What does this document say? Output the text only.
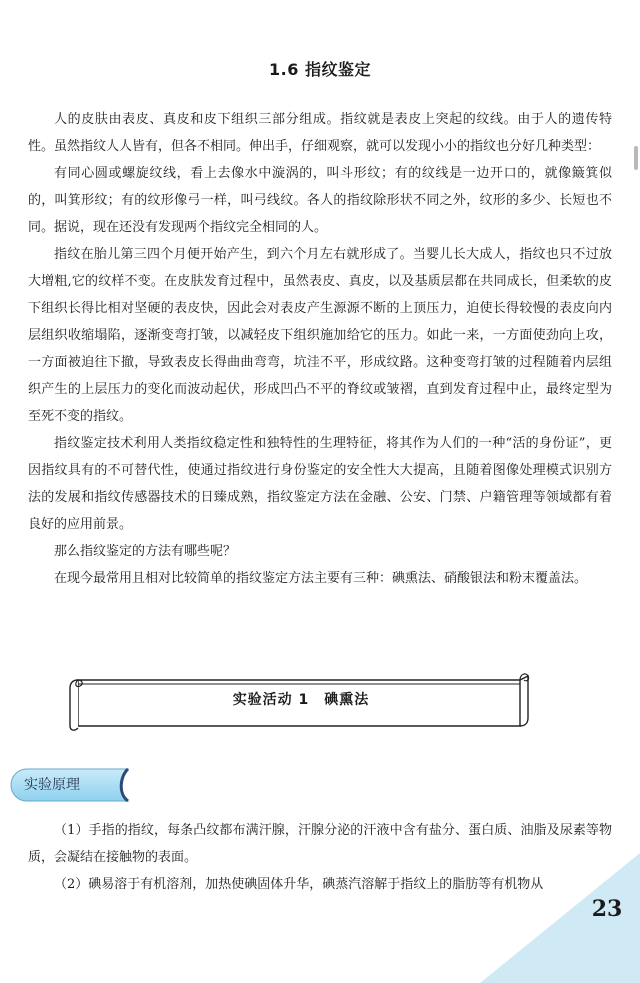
1.6 指纹鉴定

人的皮肤由表皮、真皮和皮下组织三部分组成。指纹就是表皮上突起的纹线。由于人的遗传特性。虽然指纹人人皆有，但各不相同。伸出手，仔细观察，就可以发现小小的指纹也分好几种类型：

有同心圆或螺旋纹线，看上去像水中漩涡的，叫斗形纹；有的纹线是一边开口的，就像簸箕似的，叫箕形纹；有的纹形像弓一样，叫弓线纹。各人的指纹除形状不同之外，纹形的多少、长短也不同。据说，现在还没有发现两个指纹完全相同的人。

指纹在胎儿第三四个月便开始产生，到六个月左右就形成了。当婴儿长大成人，指纹也只不过放大增粗,它的纹样不变。在皮肤发育过程中，虽然表皮、真皮，以及基质层都在共同成长，但柔软的皮下组织长得比相对坚硬的表皮快，因此会对表皮产生源源不断的上顶压力，迫使长得较慢的表皮向内层组织收缩塌陷，逐渐变弯打皱，以减轻皮下组织施加给它的压力。如此一来，一方面使劲向上攻，一方面被迫往下撤，导致表皮长得曲曲弯弯，坑洼不平，形成纹路。这种变弯打皱的过程随着内层组织产生的上层压力的变化而波动起伏，形成凹凸不平的脊纹或皱褶，直到发育过程中止，最终定型为至死不变的指纹。

指纹鉴定技术利用人类指纹稳定性和独特性的生理特征，将其作为人们的一种“活的身份证”，更因指纹具有的不可替代性，使通过指纹进行身份鉴定的安全性大大提高，且随着图像处理模式识别方法的发展和指纹传感器技术的日臻成熟，指纹鉴定方法在金融、公安、门禁、户籍管理等领域都有着良好的应用前景。

那么指纹鉴定的方法有哪些呢？

在现今最常用且相对比较简单的指纹鉴定方法主要有三种：碘熏法、硝酸银法和粉末覆盖法。

实验活动 1　碘熏法
实验原理

（1）手指的指纹，每条凸纹都布满汗腺，汗腺分泌的汗液中含有盐分、蛋白质、油脂及尿素等物质，会凝结在接触物的表面。

（2）碘易溶于有机溶剂，加热使碘固体升华，碘蒸汽溶解于指纹上的脂肪等有机物从

23
